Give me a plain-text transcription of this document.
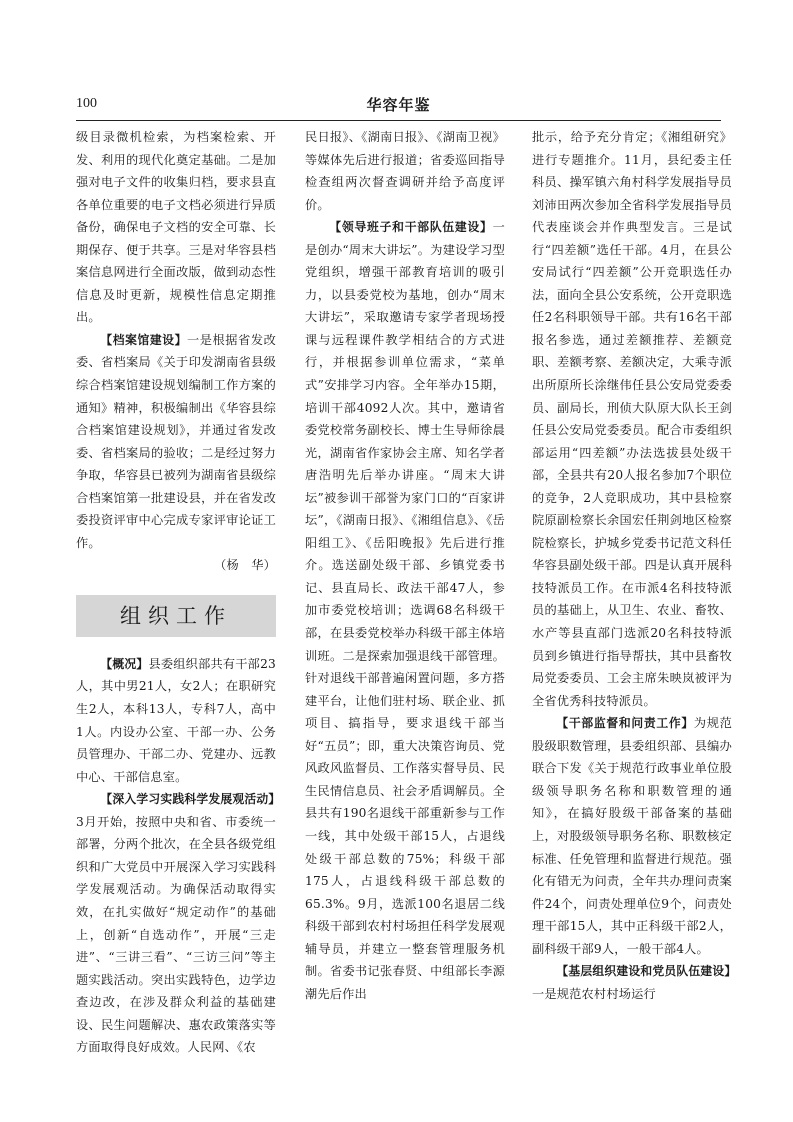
100	华容年鉴

级目录微机检索，为档案检索、开发、利用的现代化奠定基础。二是加强对电子文件的收集归档，要求县直各单位重要的电子文档必须进行异质备份，确保电子文档的安全可靠、长期保存、便于共享。三是对华容县档案信息网进行全面改版，做到动态性信息及时更新，规模性信息定期推出。

【档案馆建设】一是根据省发改委、省档案局《关于印发湖南省县级综合档案馆建设规划编制工作方案的通知》精神，积极编制出《华容县综合档案馆建设规划》，并通过省发改委、省档案局的验收；二是经过努力争取，华容县已被列为湖南省县级综合档案馆第一批建设县，并在省发改委投资评审中心完成专家评审论证工作。

（杨　华）

组织工作

【概况】县委组织部共有干部23人，其中男21人，女2人；在职研究生2人，本科13人，专科7人，高中1人。内设办公室、干部一办、公务员管理办、干部二办、党建办、远教中心、干部信息室。

【深入学习实践科学发展观活动】3月开始，按照中央和省、市委统一部署，分两个批次，在全县各级党组织和广大党员中开展深入学习实践科学发展观活动。为确保活动取得实效，在扎实做好“规定动作”的基础上，创新“自选动作”，开展“三走进”、“三讲三看”、“三访三问”等主题实践活动。突出实践特色，边学边查边改，在涉及群众利益的基础建设、民生问题解决、惠农政策落实等方面取得良好成效。人民网、《农

民日报》、《湖南日报》、《湖南卫视》等媒体先后进行报道；省委巡回指导检查组两次督查调研并给予高度评价。

【领导班子和干部队伍建设】一是创办“周末大讲坛”。为建设学习型党组织，增强干部教育培训的吸引力，以县委党校为基地，创办“周末大讲坛”，采取邀请专家学者现场授课与远程课件教学相结合的方式进行，并根据参训单位需求，“菜单式”安排学习内容。全年举办15期，培训干部4092人次。其中，邀请省委党校常务副校长、博士生导师徐晨光，湖南省作家协会主席、知名学者唐浩明先后举办讲座。“周末大讲坛”被参训干部誉为家门口的“百家讲坛”，《湖南日报》、《湘组信息》、《岳阳组工》、《岳阳晚报》先后进行推介。选送副处级干部、乡镇党委书记、县直局长、政法干部47人，参加市委党校培训；选调68名科级干部，在县委党校举办科级干部主体培训班。二是探索加强退线干部管理。针对退线干部普遍闲置问题，多方搭建平台，让他们驻村场、联企业、抓项目、搞指导，要求退线干部当好“五员”；即，重大决策咨询员、党风政风监督员、工作落实督导员、民生民情信息员、社会矛盾调解员。全县共有190名退线干部重新参与工作一线，其中处级干部15人，占退线处级干部总数的75%；科级干部175人，占退线科级干部总数的65.3%。9月，选派100名退居二线科级干部到农村村场担任科学发展观辅导员，并建立一整套管理服务机制。省委书记张春贤、中组部长李源潮先后作出

批示，给予充分肯定；《湘组研究》进行专题推介。11月，县纪委主任科员、操军镇六角村科学发展指导员刘沛田两次参加全省科学发展指导员代表座谈会并作典型发言。三是试行“四差额”选任干部。4月，在县公安局试行“四差额”公开竞职选任办法，面向全县公安系统，公开竞职选任2名科职领导干部。共有16名干部报名参选，通过差额推荐、差额竞职、差额考察、差额决定，大乘寺派出所原所长涂继伟任县公安局党委委员、副局长，刑侦大队原大队长王剑任县公安局党委委员。配合市委组织部运用“四差额”办法选拔县处级干部，全县共有20人报名参加7个职位的竞争，2人竞职成功，其中县检察院原副检察长余国宏任荆剑地区检察院检察长，护城乡党委书记范文科任华容县副处级干部。四是认真开展科技特派员工作。在市派4名科技特派员的基础上，从卫生、农业、畜牧、水产等县直部门选派20名科技特派员到乡镇进行指导帮扶，其中县畜牧局党委委员、工会主席朱映岚被评为全省优秀科技特派员。

【干部监督和问责工作】为规范股级职数管理，县委组织部、县编办联合下发《关于规范行政事业单位股级领导职务名称和职数管理的通知》，在搞好股级干部备案的基础上，对股级领导职务名称、职数核定标准、任免管理和监督进行规范。强化有错无为问责，全年共办理问责案件24个，问责处理单位9个，问责处理干部15人，其中正科级干部2人，副科级干部9人，一般干部4人。

【基层组织建设和党员队伍建设】一是规范农村村场运行
